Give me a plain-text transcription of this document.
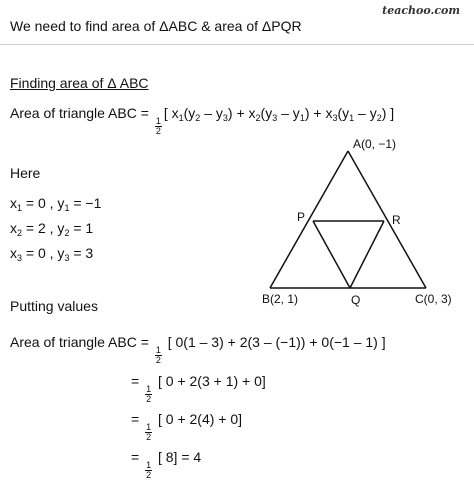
teachoo.com
We need to find area of ΔABC & area of ΔPQR
Finding area of Δ ABC
Area of triangle ABC =
$\frac{1}{2}$
[ $x_1(y_2 - y_3) + x_2(y_3 - y_1) + x_3(y_1 - y_2)$ ]
Here
$x_1 = 0$ , $y_1 = -1$
$x_2 = 2$ , $y_2 = 1$
$x_3 = 0$ , $y_3 = 3$
Putting values
Area of triangle ABC =
$\frac{1}{2}$
[ 0(1 – 3) + 2(3 – (−1)) + 0(−1 – 1) ]
=
$\frac{1}{2}$
[ 0 + 2(3 + 1) + 0]
=
$\frac{1}{2}$
[ 0 + 2(4) + 0]
=
$\frac{1}{2}$
[ 8] = 4
A(0, −1)
P	R
B(2, 1)	Q	C(0, 3)
